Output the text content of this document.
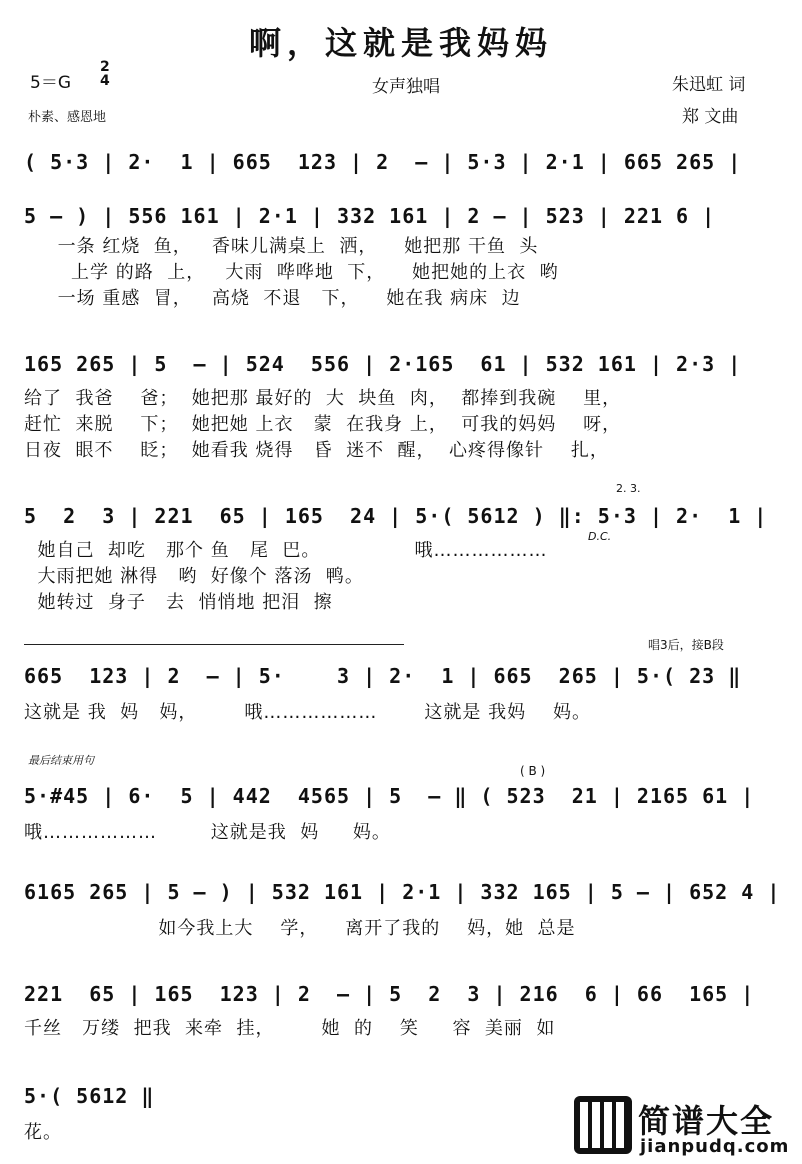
啊，这就是我妈妈
5＝G
2
4	女声独唱	朱迅虹 词
郑 文曲
朴素、感恩地
( 5·3 | 2·  1 | 665  123 | 2  — | 5·3 | 2·1 | 665 265 |
5 — ) | 556 161 | 2·1 | 332 161 | 2 — | 523 | 221 6 |
一条 红烧  鱼，   香味儿满桌上  洒，    她把那 干鱼  头
上学 的路  上，   大雨  哗哗地  下，    她把她的上衣  哟
一场 重感  冒，   高烧  不退   下，    她在我 病床  边
165 265 | 5  — | 524  556 | 2·165  61 | 532 161 | 2·3 |
给了  我爸    爸；  她把那 最好的  大  块鱼  肉，  都捧到我碗    里，
赶忙  来脱    下；  她把她 上衣   蒙  在我身 上，  可我的妈妈    呀，
日夜  眼不    眨；  她看我 烧得   昏  迷不  醒，  心疼得像针    扎，
5  2  3 | 221  65 | 165  24 | 5·( 5612 ) ‖: 5·3 | 2·  1 |
她自己  却吃   那个 鱼   尾  巴。              哦………………
大雨把她 淋得   哟  好像个 落汤  鸭。
她转过  身子   去  悄悄地 把泪  擦
D.C.
2. 3.
唱3后，接B段
665  123 | 2  — | 5·    3 | 2·  1 | 665  265 | 5·( 23 ‖
这就是 我  妈   妈，       哦………………       这就是 我妈    妈。
最后结束用句
( B )
5·#45 | 6·  5 | 442  4565 | 5  — ‖ ( 523  21 | 2165 61 |
哦………………        这就是我  妈     妈。
6165 265 | 5 — ) | 532 161 | 2·1 | 332 165 | 5 — | 652 4 |
如今我上大    学，    离开了我的    妈，她  总是
221  65 | 165  123 | 2  — | 5  2  3 | 216  6 | 66  165 |
千丝   万缕  把我  来牵  挂，       她  的    笑     容  美丽  如
5·( 5612 ‖
花。	简谱大全
jianpudq.com
